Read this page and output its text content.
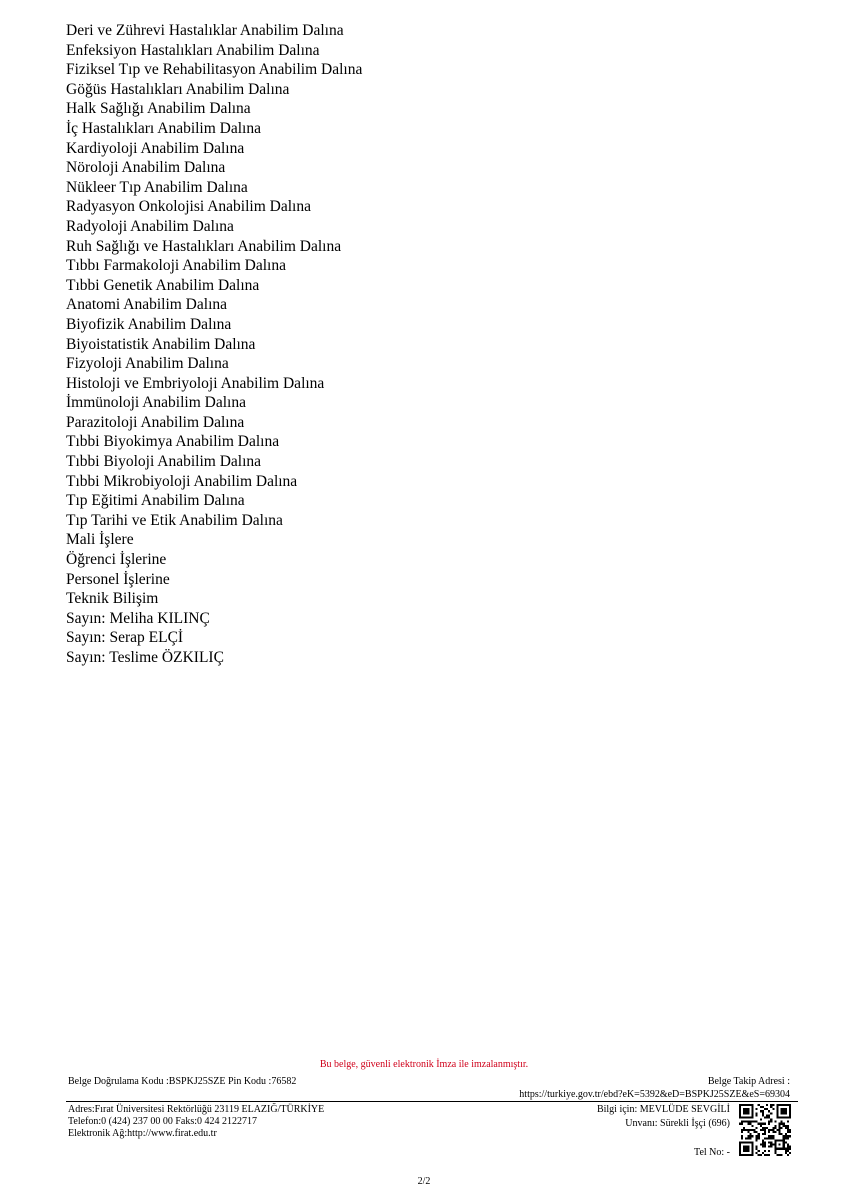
Deri ve Zührevi Hastalıklar Anabilim Dalına
Enfeksiyon Hastalıkları Anabilim Dalına
Fiziksel Tıp ve Rehabilitasyon Anabilim Dalına
Göğüs Hastalıkları Anabilim Dalına
Halk Sağlığı Anabilim Dalına
İç Hastalıkları Anabilim Dalına
Kardiyoloji Anabilim Dalına
Nöroloji Anabilim Dalına
Nükleer Tıp Anabilim Dalına
Radyasyon Onkolojisi Anabilim Dalına
Radyoloji Anabilim Dalına
Ruh Sağlığı ve Hastalıkları Anabilim Dalına
Tıbbı Farmakoloji Anabilim Dalına
Tıbbi Genetik Anabilim Dalına
Anatomi Anabilim Dalına
Biyofizik Anabilim Dalına
Biyoistatistik Anabilim Dalına
Fizyoloji Anabilim Dalına
Histoloji ve Embriyoloji Anabilim Dalına
İmmünoloji Anabilim Dalına
Parazitoloji Anabilim Dalına
Tıbbi Biyokimya Anabilim Dalına
Tıbbi Biyoloji Anabilim Dalına
Tıbbi Mikrobiyoloji Anabilim Dalına
Tıp Eğitimi Anabilim Dalına
Tıp Tarihi ve Etik Anabilim Dalına
Mali İşlere
Öğrenci İşlerine
Personel İşlerine
Teknik Bilişim
Sayın: Meliha KILINÇ
Sayın: Serap ELÇİ
Sayın: Teslime ÖZKILIÇ
Bu belge, güvenli elektronik İmza ile imzalanmıştır.
Belge Doğrulama Kodu :BSPKJ25SZE Pin Kodu :76582	Belge Takip Adresi :
https://turkiye.gov.tr/ebd?eK=5392&eD=BSPKJ25SZE&eS=69304
Adres:Fırat Üniversitesi Rektörlüğü 23119 ELAZIĞ/TÜRKİYE
Telefon:0 (424) 237 00 00 Faks:0 424 2122717
Elektronik Ağ:http://www.firat.edu.tr
Bilgi için: MEVLÜDE SEVGİLİ
Unvanı: Sürekli İşçi (696)
Tel No: -
2/2
